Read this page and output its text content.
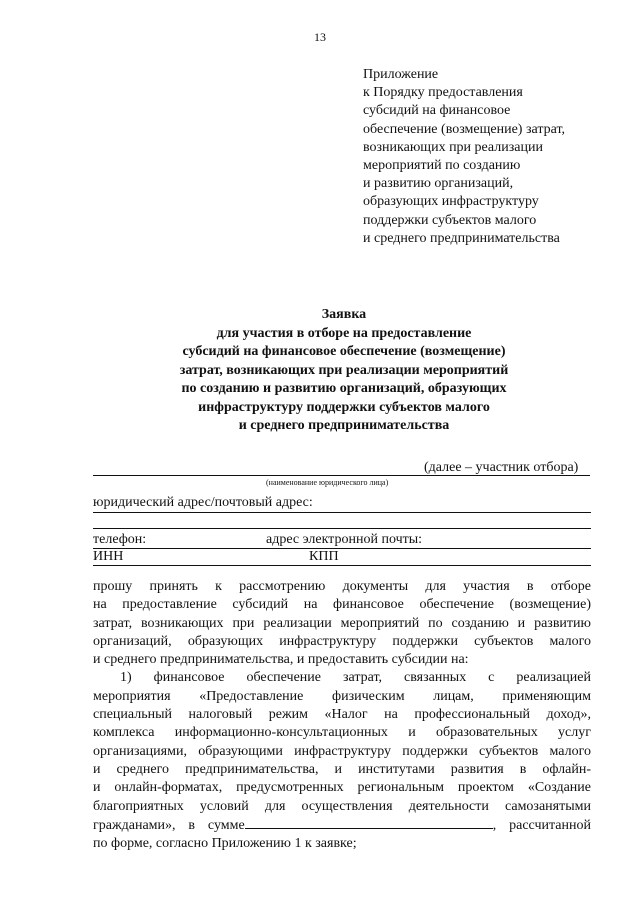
13
Приложение
к Порядку предоставления
субсидий на финансовое
обеспечение (возмещение) затрат,
возникающих при реализации
мероприятий по созданию
и развитию организаций,
образующих инфраструктуру
поддержки субъектов малого
и среднего предпринимательства
Заявка
для участия в отборе на предоставление
субсидий на финансовое обеспечение (возмещение)
затрат, возникающих при реализации мероприятий
по созданию и развитию организаций, образующих
инфраструктуру поддержки субъектов малого
и среднего предпринимательства
(далее – участник отбора)
(наименование юридического лица)
юридический адрес/почтовый адрес:
телефон:	адрес электронной почты:
ИНН	КПП
прошу принять к рассмотрению документы для участия в отборе
на предоставление субсидий на финансовое обеспечение (возмещение)
затрат, возникающих при реализации мероприятий по созданию и развитию
организаций, образующих инфраструктуру поддержки субъектов малого
и среднего предпринимательства, и предоставить субсидии на:
1) финансовое обеспечение затрат, связанных с реализацией
мероприятия «Предоставление физическим лицам, применяющим
специальный налоговый режим «Налог на профессиональный доход»,
комплекса информационно-консультационных и образовательных услуг
организациями, образующими инфраструктуру поддержки субъектов малого
и среднего предпринимательства, и институтами развития в офлайн-
и онлайн-форматах, предусмотренных региональным проектом «Создание
благоприятных условий для осуществления деятельности самозанятыми
гражданами», в сумме	, рассчитанной
по форме, согласно Приложению 1 к заявке;
